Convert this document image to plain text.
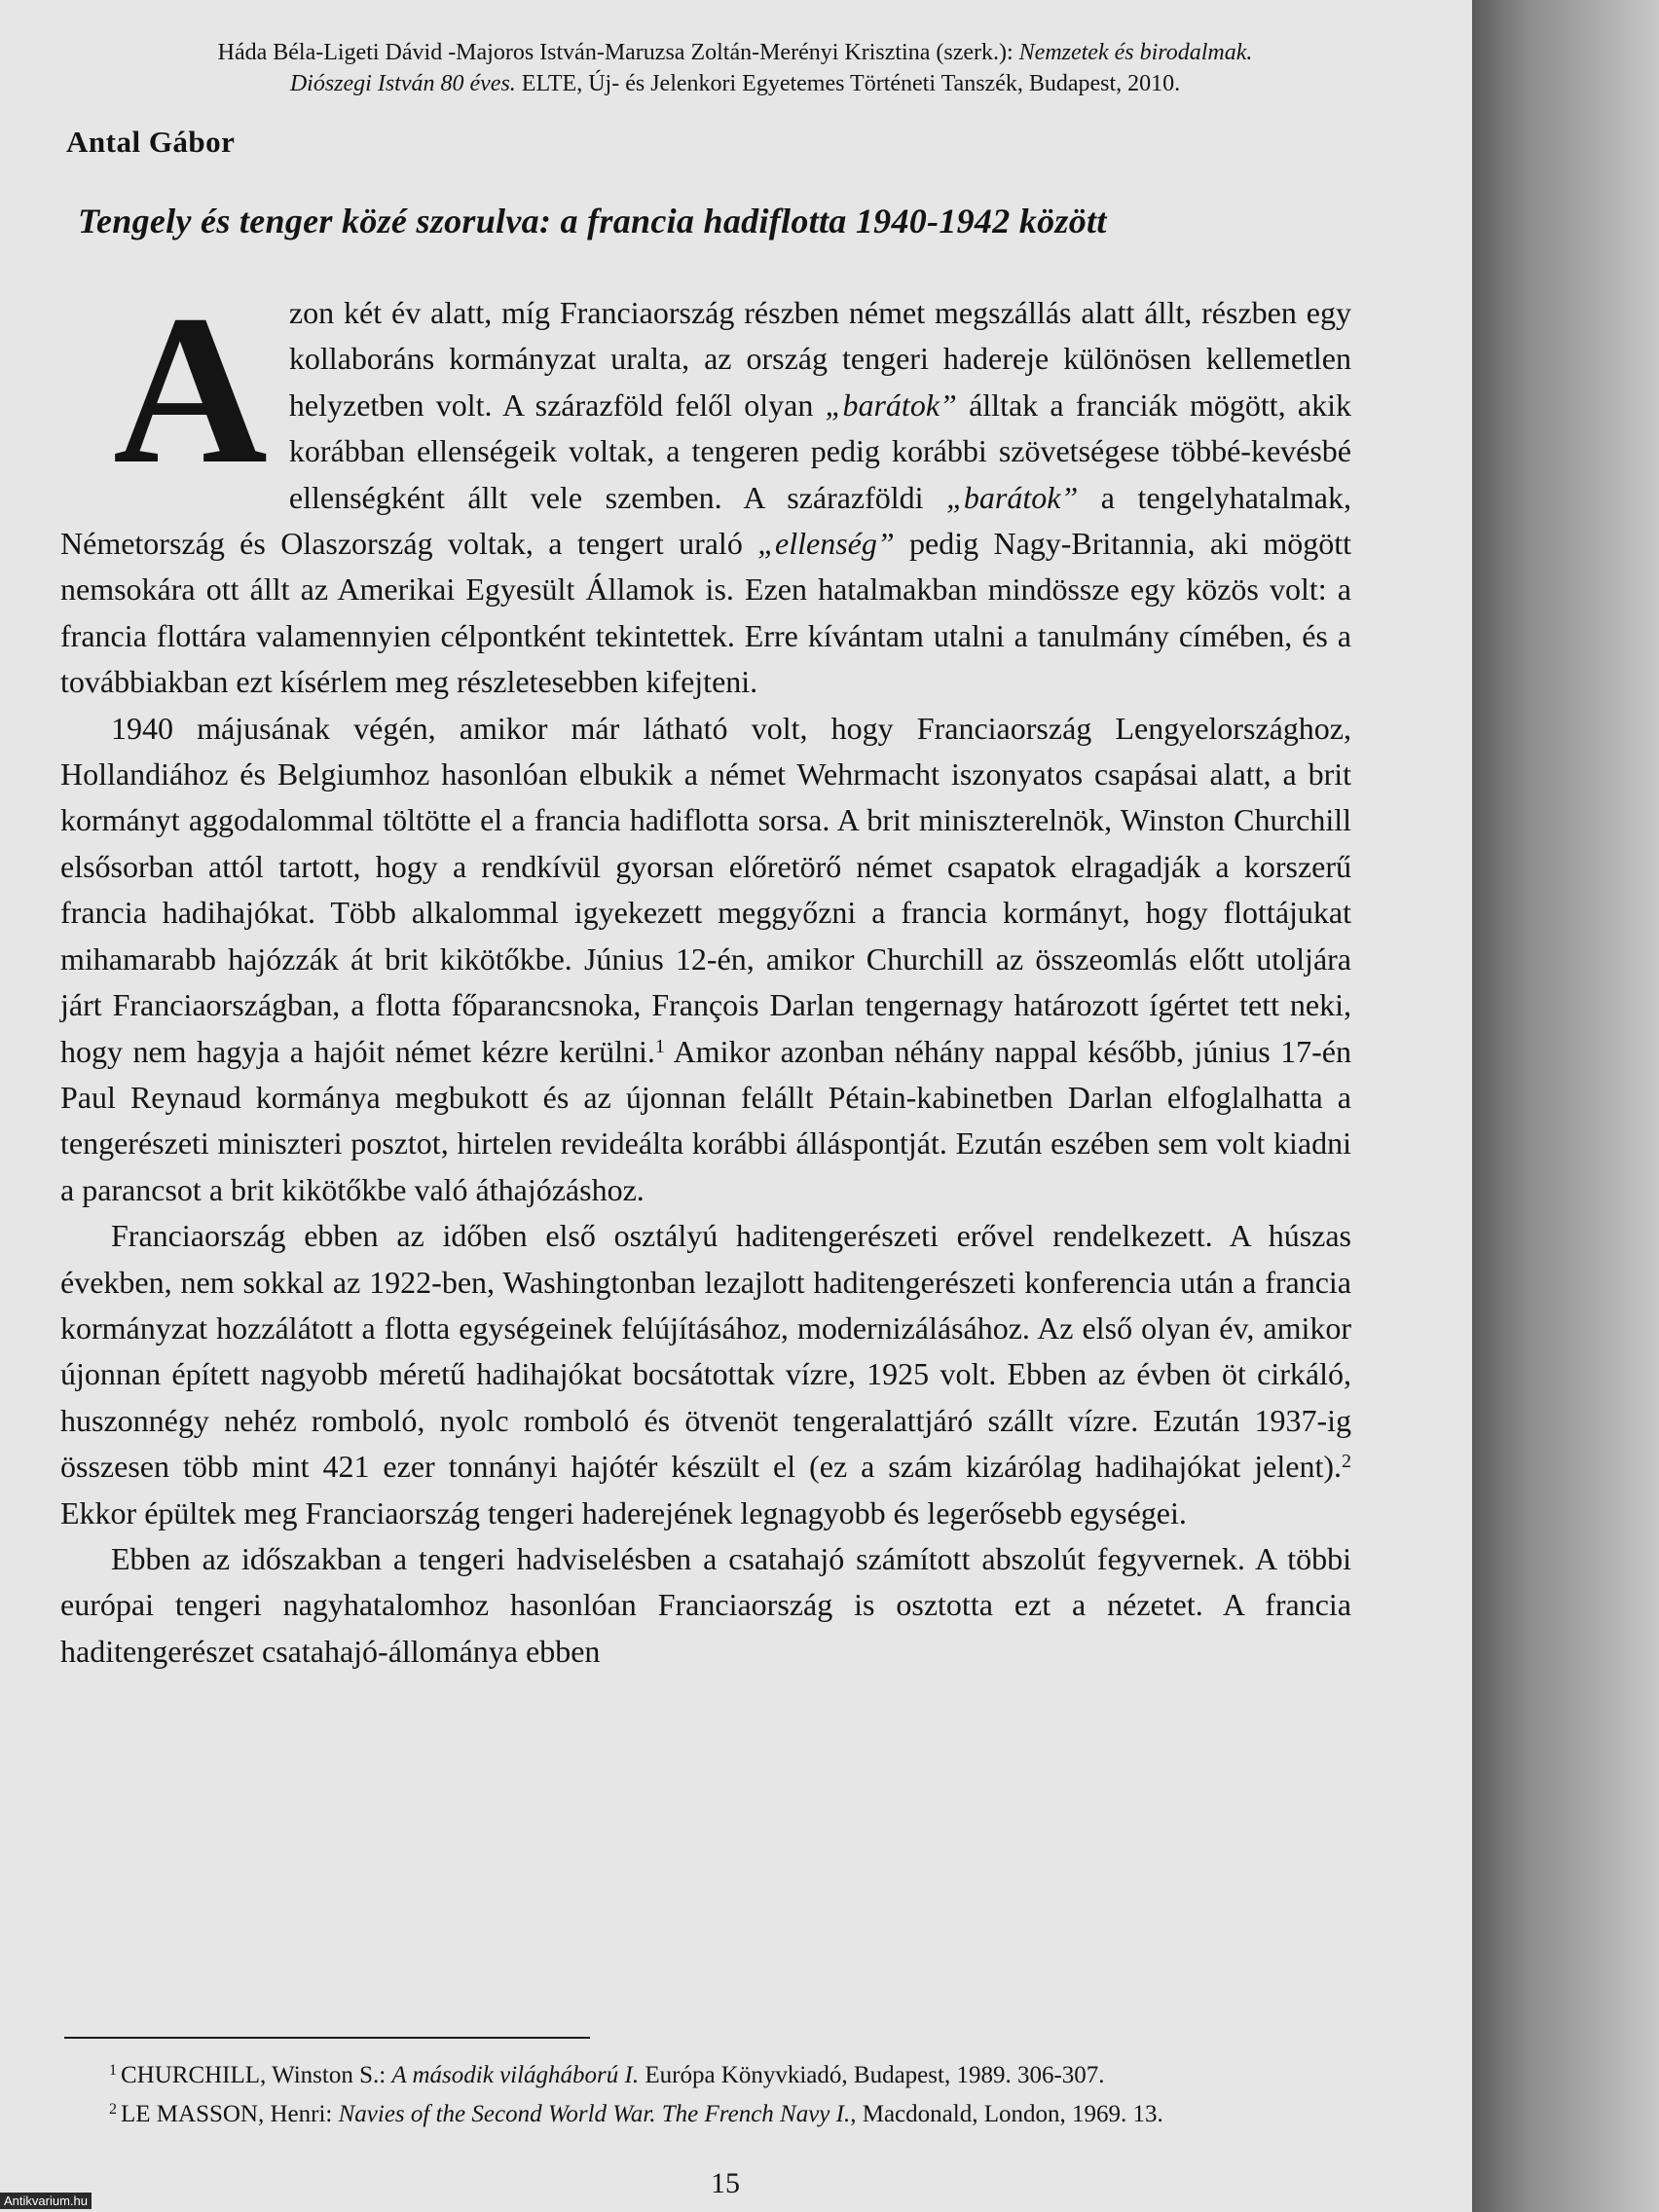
Háda Béla-Ligeti Dávid -Majoros István-Maruzsa Zoltán-Merényi Krisztina (szerk.): Nemzetek és birodalmak.
Diószegi István 80 éves. ELTE, Új- és Jelenkori Egyetemes Történeti Tanszék, Budapest, 2010.
Antal Gábor
Tengely és tenger közé szorulva: a francia hadiflotta 1940-1942 között

Azon két év alatt, míg Franciaország részben német megszállás alatt állt, részben egy kollaboráns kormányzat uralta, az ország tengeri hadereje különösen kellemetlen helyzetben volt. A szárazföld felől olyan „barátok” álltak a franciák mögött, akik korábban ellenségeik voltak, a tengeren pedig korábbi szövetségese többé-kevésbé ellenségként állt vele szemben. A szárazföldi „barátok” a tengelyhatalmak, Németország és Olaszország voltak, a tengert uraló „ellenség” pedig Nagy-Britannia, aki mögött nemsokára ott állt az Amerikai Egyesült Államok is. Ezen hatalmakban mindössze egy közös volt: a francia flottára valamennyien célpontként tekintettek. Erre kívántam utalni a tanulmány címében, és a továbbiakban ezt kísérlem meg részletesebben kifejteni.

1940 májusának végén, amikor már látható volt, hogy Franciaország Lengyelországhoz, Hollandiához és Belgiumhoz hasonlóan elbukik a német Wehrmacht iszonyatos csapásai alatt, a brit kormányt aggodalommal töltötte el a francia hadiflotta sorsa. A brit miniszterelnök, Winston Churchill elsősorban attól tartott, hogy a rendkívül gyorsan előretörő német csapatok elragadják a korszerű francia hadihajókat. Több alkalommal igyekezett meggyőzni a francia kormányt, hogy flottájukat mihamarabb hajózzák át brit kikötőkbe. Június 12-én, amikor Churchill az összeomlás előtt utoljára járt Franciaországban, a flotta főparancsnoka, François Darlan tengernagy határozott ígértet tett neki, hogy nem hagyja a hajóit német kézre kerülni.$^1$ Amikor azonban néhány nappal később, június 17-én Paul Reynaud kormánya megbukott és az újonnan felállt Pétain-kabinetben Darlan elfoglalhatta a tengerészeti miniszteri posztot, hirtelen revideálta korábbi álláspontját. Ezután eszében sem volt kiadni a parancsot a brit kikötőkbe való áthajózáshoz.

Franciaország ebben az időben első osztályú haditengerészeti erővel rendelkezett. A húszas években, nem sokkal az 1922-ben, Washingtonban lezajlott haditengerészeti konferencia után a francia kormányzat hozzálátott a flotta egységeinek felújításához, modernizálásához. Az első olyan év, amikor újonnan épített nagyobb méretű hadihajókat bocsátottak vízre, 1925 volt. Ebben az évben öt cirkáló, huszonnégy nehéz romboló, nyolc romboló és ötvenöt tengeralattjáró szállt vízre. Ezután 1937-ig összesen több mint 421 ezer tonnányi hajótér készült el (ez a szám kizárólag hadihajókat jelent).$^2$ Ekkor épültek meg Franciaország tengeri haderejének legnagyobb és legerősebb egységei.

Ebben az időszakban a tengeri hadviselésben a csatahajó számított abszolút fegyvernek. A többi európai tengeri nagyhatalomhoz hasonlóan Franciaország is osztotta ezt a nézetet. A francia haditengerészet csatahajó-állománya ebben

$^1$ CHURCHILL, Winston S.: A második világháború I. Európa Könyvkiadó, Budapest, 1989. 306-307.
$^2$ LE MASSON, Henri: Navies of the Second World War. The French Navy I., Macdonald, London, 1969. 13.
15
Antikvarium.hu
